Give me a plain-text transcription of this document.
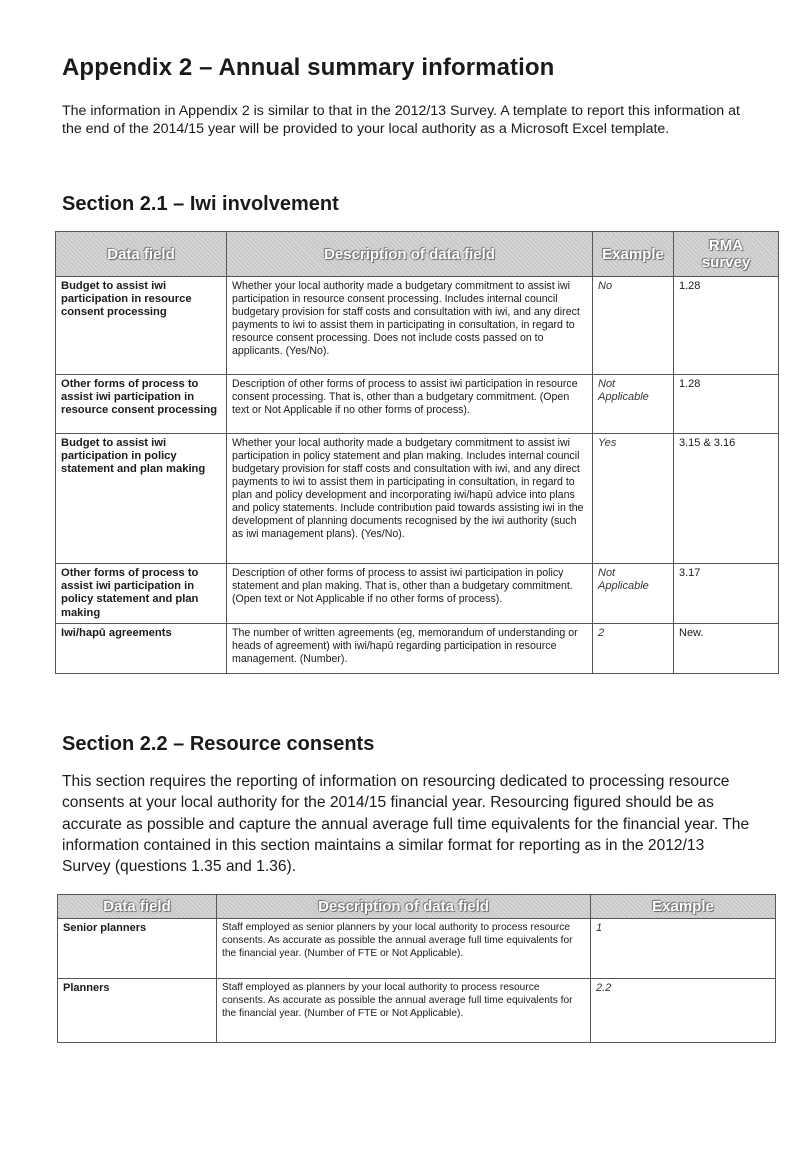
Appendix 2 – Annual summary information

The information in Appendix 2 is similar to that in the 2012/13 Survey. A template to report this information at the end of the 2014/15 year will be provided to your local authority as a Microsoft Excel template.

Section 2.1 – Iwi involvement
Data field	Description of data field	Example	RMA survey
Budget to assist iwi participation in resource consent processing	Whether your local authority made a budgetary commitment to assist iwi participation in resource consent processing. Includes internal council budgetary provision for staff costs and consultation with iwi, and any direct payments to iwi to assist them in participating in consultation, in regard to resource consent processing. Does not include costs passed on to applicants. (Yes/No).	No	1.28
Other forms of process to assist iwi participation in resource consent processing	Description of other forms of process to assist iwi participation in resource consent processing. That is, other than a budgetary commitment. (Open text or Not Applicable if no other forms of process).	Not Applicable	1.28
Budget to assist iwi participation in policy statement and plan making	Whether your local authority made a budgetary commitment to assist iwi participation in policy statement and plan making. Includes internal council budgetary provision for staff costs and consultation with iwi, and any direct payments to iwi to assist them in participating in consultation, in regard to plan and policy development and incorporating iwi/hapū advice into plans and policy statements. Include contribution paid towards assisting iwi in the development of planning documents recognised by the iwi authority (such as iwi management plans). (Yes/No).	Yes	3.15 & 3.16
Other forms of process to assist iwi participation in policy statement and plan making	Description of other forms of process to assist iwi participation in policy statement and plan making. That is, other than a budgetary commitment. (Open text or Not Applicable if no other forms of process).	Not Applicable	3.17
Iwi/hapū agreements	The number of written agreements (eg, memorandum of understanding or heads of agreement) with iwi/hapū regarding participation in resource management. (Number).	2	New.
Section 2.2 – Resource consents

This section requires the reporting of information on resourcing dedicated to processing resource consents at your local authority for the 2014/15 financial year. Resourcing figured should be as accurate as possible and capture the annual average full time equivalents for the financial year. The information contained in this section maintains a similar format for reporting as in the 2012/13 Survey (questions 1.35 and 1.36).

Data field	Description of data field	Example
Senior planners	Staff employed as senior planners by your local authority to process resource consents. As accurate as possible the annual average full time equivalents for the financial year. (Number of FTE or Not Applicable).	1
Planners	Staff employed as planners by your local authority to process resource consents. As accurate as possible the annual average full time equivalents for the financial year. (Number of FTE or Not Applicable).	2.2
